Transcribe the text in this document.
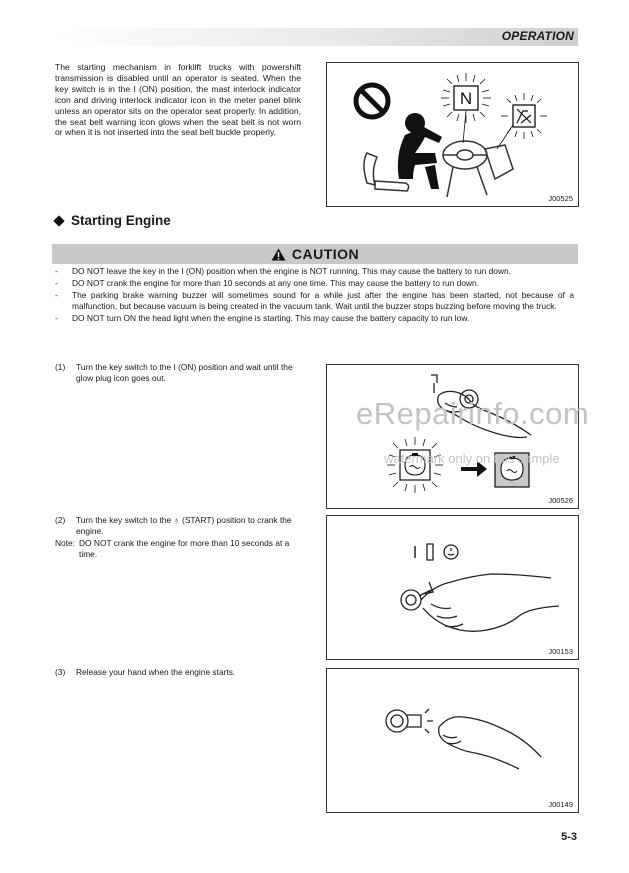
OPERATION
The starting mechanism in forklift trucks with powershift transmission is disabled until an operator is seated. When the key switch is in the I (ON) position, the mast interlock indicator icon and driving interlock indicator icon in the meter panel blink unless an operator sits on the operator seat properly. In addition, the seat belt warning icon glows when the seat belt is not worn or when it is not inserted into the seat belt buckle properly.
N
J00525
Starting Engine
CAUTION
- DO NOT leave the key in the I (ON) position when the engine is NOT running. This may cause the battery to run down.
- DO NOT crank the engine for more than 10 seconds at any one time. This may cause the battery to run down.
- The parking brake warning buzzer will sometimes sound for a while just after the engine has been started, not because of a malfunction, but because vacuum is being created in the vacuum tank. Wait until the buzzer stops buzzing before moving the truck.
- DO NOT turn ON the head light when the engine is starting. This may cause the battery capacity to run low.
(1) Turn the key switch to the I (ON) position and wait until the glow plug icon goes out.
J00526
(2) Turn the key switch to the ♁ (START) position to crank the engine.
Note: DO NOT crank the engine for more than 10 seconds at a time.
J00153
(3) Release your hand when the engine starts.
J00149
eRepairinfo.com
watermark only on this sample
5-3
